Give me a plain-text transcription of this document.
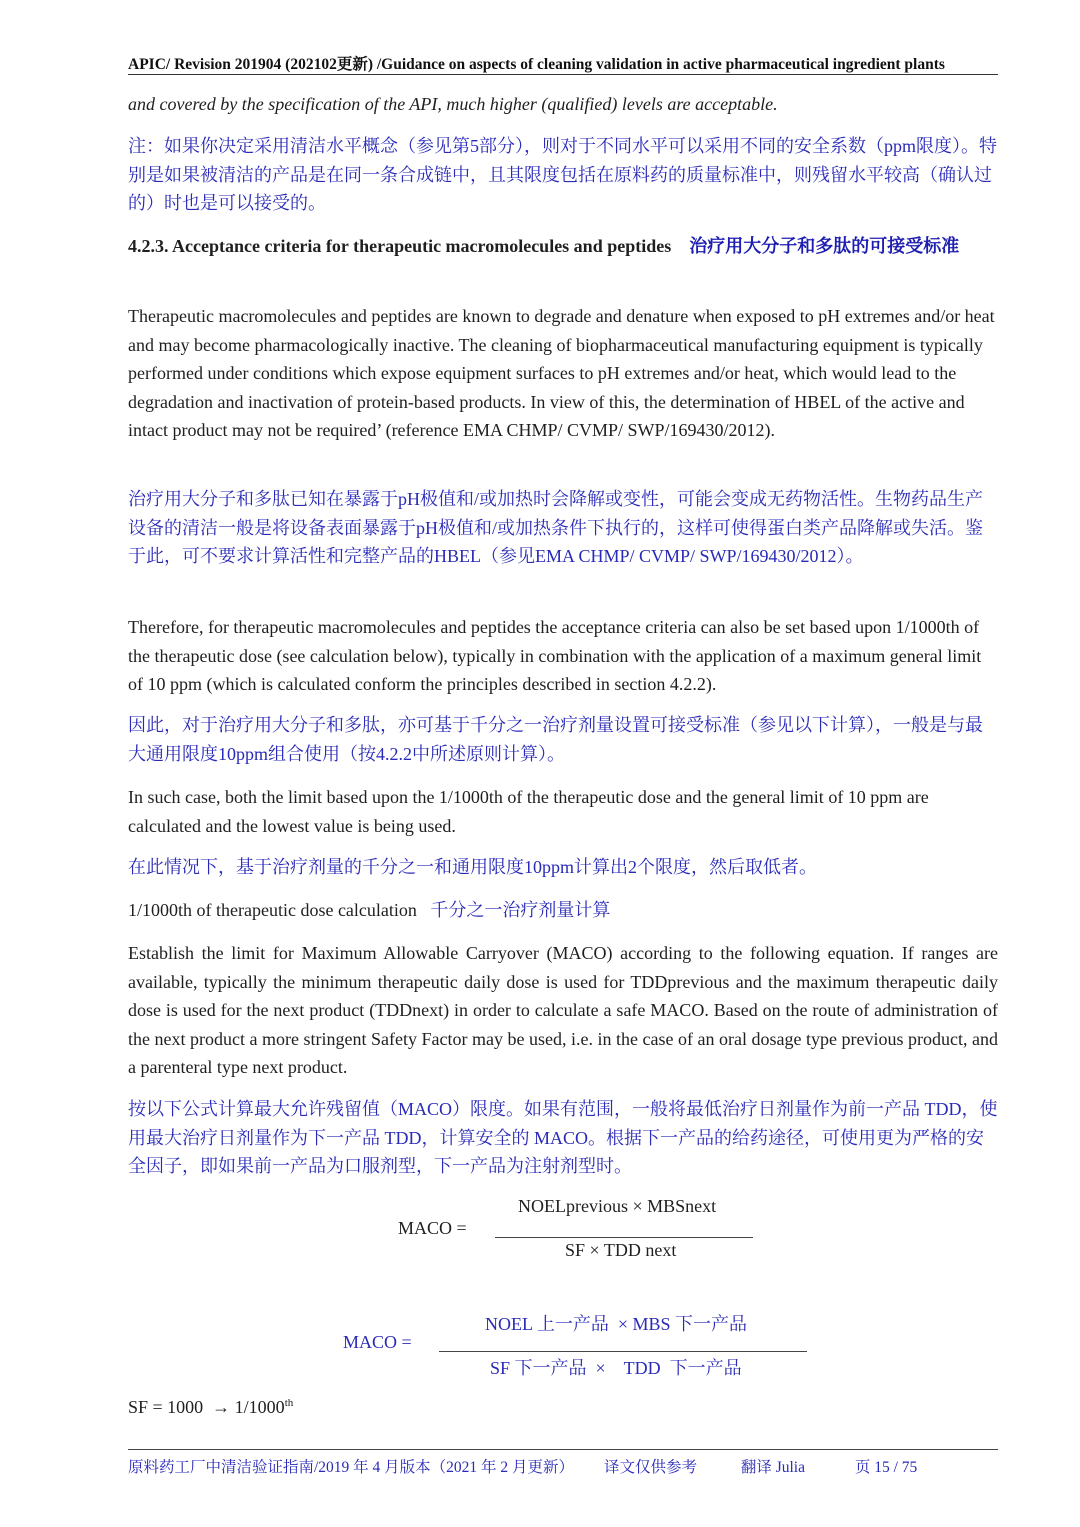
APIC/ Revision 201904 (202102更新) /Guidance on aspects of cleaning validation in active pharmaceutical ingredient plants

and covered by the specification of the API, much higher (qualified) levels are acceptable.

注：如果你决定采用清洁水平概念（参见第5部分），则对于不同水平可以采用不同的安全系数（ppm限度）。特别是如果被清洁的产品是在同一条合成链中，且其限度包括在原料药的质量标准中，则残留水平较高（确认过的）时也是可以接受的。

4.2.3. Acceptance criteria for therapeutic macromolecules and peptides 治疗用大分子和多肽的可接受标准

Therapeutic macromolecules and peptides are known to degrade and denature when exposed to pH extremes and/or heat and may become pharmacologically inactive. The cleaning of biopharmaceutical manufacturing equipment is typically performed under conditions which expose equipment surfaces to pH extremes and/or heat, which would lead to the degradation and inactivation of protein-based products. In view of this, the determination of HBEL of the active and intact product may not be required’ (reference EMA CHMP/ CVMP/ SWP/169430/2012).

治疗用大分子和多肽已知在暴露于pH极值和/或加热时会降解或变性，可能会变成无药物活性。生物药品生产设备的清洁一般是将设备表面暴露于pH极值和/或加热条件下执行的，这样可使得蛋白类产品降解或失活。鉴于此，可不要求计算活性和完整产品的HBEL（参见EMA CHMP/ CVMP/ SWP/169430/2012）。

Therefore, for therapeutic macromolecules and peptides the acceptance criteria can also be set based upon 1/1000th of the therapeutic dose (see calculation below), typically in combination with the application of a maximum general limit of 10 ppm (which is calculated conform the principles described in section 4.2.2).

因此，对于治疗用大分子和多肽，亦可基于千分之一治疗剂量设置可接受标准（参见以下计算），一般是与最大通用限度10ppm组合使用（按4.2.2中所述原则计算）。

In such case, both the limit based upon the 1/1000th of the therapeutic dose and the general limit of 10 ppm are calculated and the lowest value is being used.

在此情况下，基于治疗剂量的千分之一和通用限度10ppm计算出2个限度，然后取低者。

1/1000th of therapeutic dose calculation 千分之一治疗剂量计算

Establish the limit for Maximum Allowable Carryover (MACO) according to the following equation. If ranges are available, typically the minimum therapeutic daily dose is used for TDDprevious and the maximum therapeutic daily dose is used for the next product (TDDnext) in order to calculate a safe MACO. Based on the route of administration of the next product a more stringent Safety Factor may be used, i.e. in the case of an oral dosage type previous product, and a parenteral type next product.

按以下公式计算最大允许残留值（MACO）限度。如果有范围，一般将最低治疗日剂量作为前一产品 TDD，使用最大治疗日剂量作为下一产品 TDD，计算安全的 MACO。根据下一产品的给药途径，可使用更为严格的安全因子，即如果前一产品为口服剂型，下一产品为注射剂型时。

MACO =
NOELprevious × MBSnext
SF × TDD next
MACO =
NOEL 上一产品  × MBS 下一产品
SF 下一产品  ×    TDD  下一产品
SF = 1000  → 1/1000th
原料药工厂中清洁验证指南/2019 年 4 月版本（2021 年 2 月更新） 译文仅供参考	翻译 Julia	页 15 / 75
